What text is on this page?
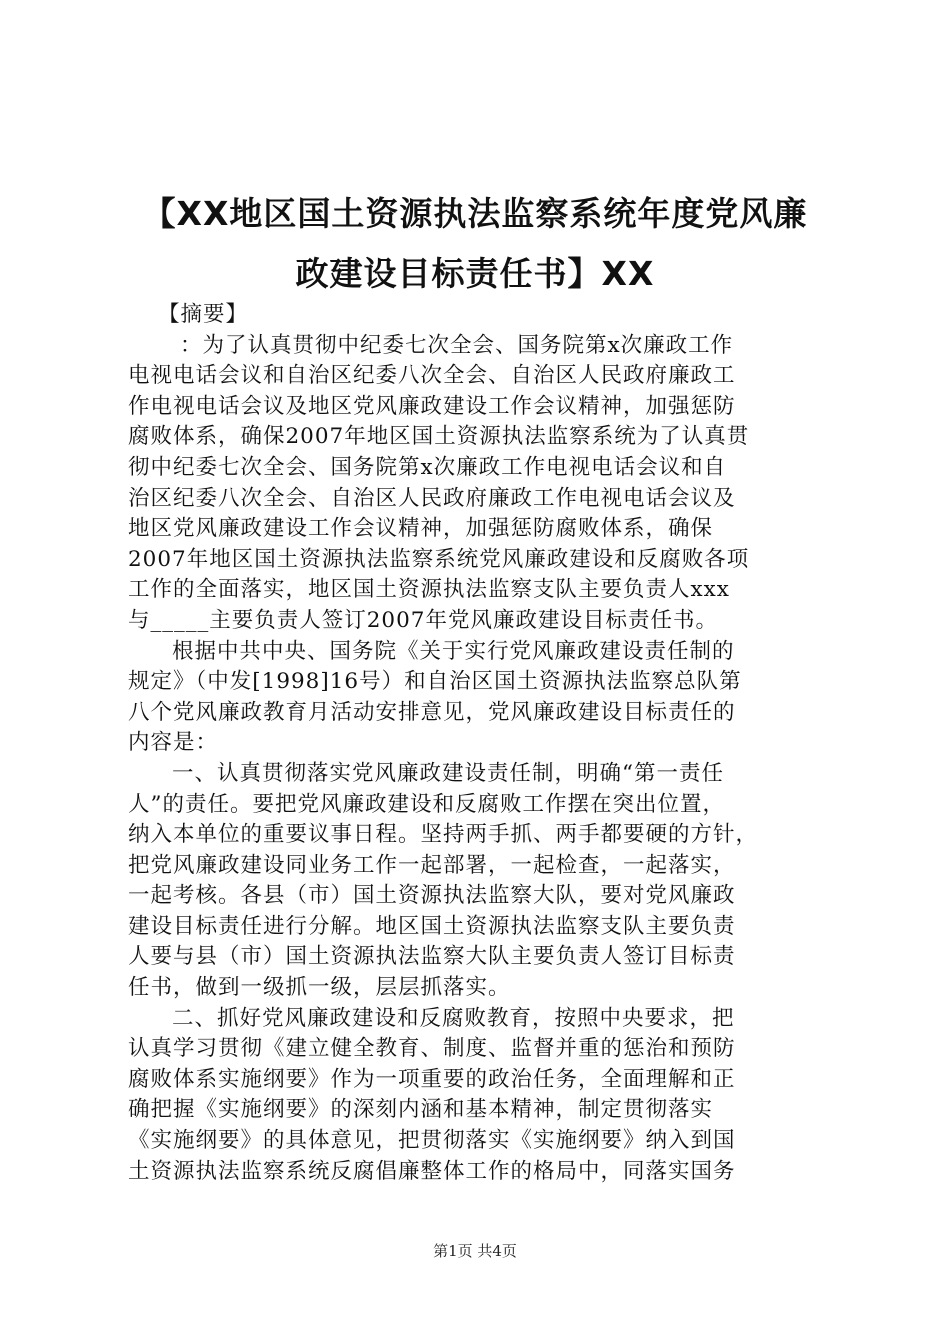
【XX地区国土资源执法监察系统年度党风廉
政建设目标责任书】XX
【摘要】
：为了认真贯彻中纪委七次全会、国务院第x次廉政工作
电视电话会议和自治区纪委八次全会、自治区人民政府廉政工
作电视电话会议及地区党风廉政建设工作会议精神，加强惩防
腐败体系，确保2007年地区国土资源执法监察系统为了认真贯
彻中纪委七次全会、国务院第x次廉政工作电视电话会议和自
治区纪委八次全会、自治区人民政府廉政工作电视电话会议及
地区党风廉政建设工作会议精神，加强惩防腐败体系，确保
2007年地区国土资源执法监察系统党风廉政建设和反腐败各项
工作的全面落实，地区国土资源执法监察支队主要负责人xxx
与_____主要负责人签订2007年党风廉政建设目标责任书。
根据中共中央、国务院《关于实行党风廉政建设责任制的
规定》（中发[1998]16号）和自治区国土资源执法监察总队第
八个党风廉政教育月活动安排意见，党风廉政建设目标责任的
内容是：
一、认真贯彻落实党风廉政建设责任制，明确“第一责任
人”的责任。要把党风廉政建设和反腐败工作摆在突出位置，
纳入本单位的重要议事日程。坚持两手抓、两手都要硬的方针，
把党风廉政建设同业务工作一起部署，一起检查，一起落实，
一起考核。各县（市）国土资源执法监察大队，要对党风廉政
建设目标责任进行分解。地区国土资源执法监察支队主要负责
人要与县（市）国土资源执法监察大队主要负责人签订目标责
任书，做到一级抓一级，层层抓落实。
二、抓好党风廉政建设和反腐败教育，按照中央要求，把
认真学习贯彻《建立健全教育、制度、监督并重的惩治和预防
腐败体系实施纲要》作为一项重要的政治任务，全面理解和正
确把握《实施纲要》的深刻内涵和基本精神，制定贯彻落实
《实施纲要》的具体意见，把贯彻落实《实施纲要》纳入到国
土资源执法监察系统反腐倡廉整体工作的格局中，同落实国务
第1页 共4页
